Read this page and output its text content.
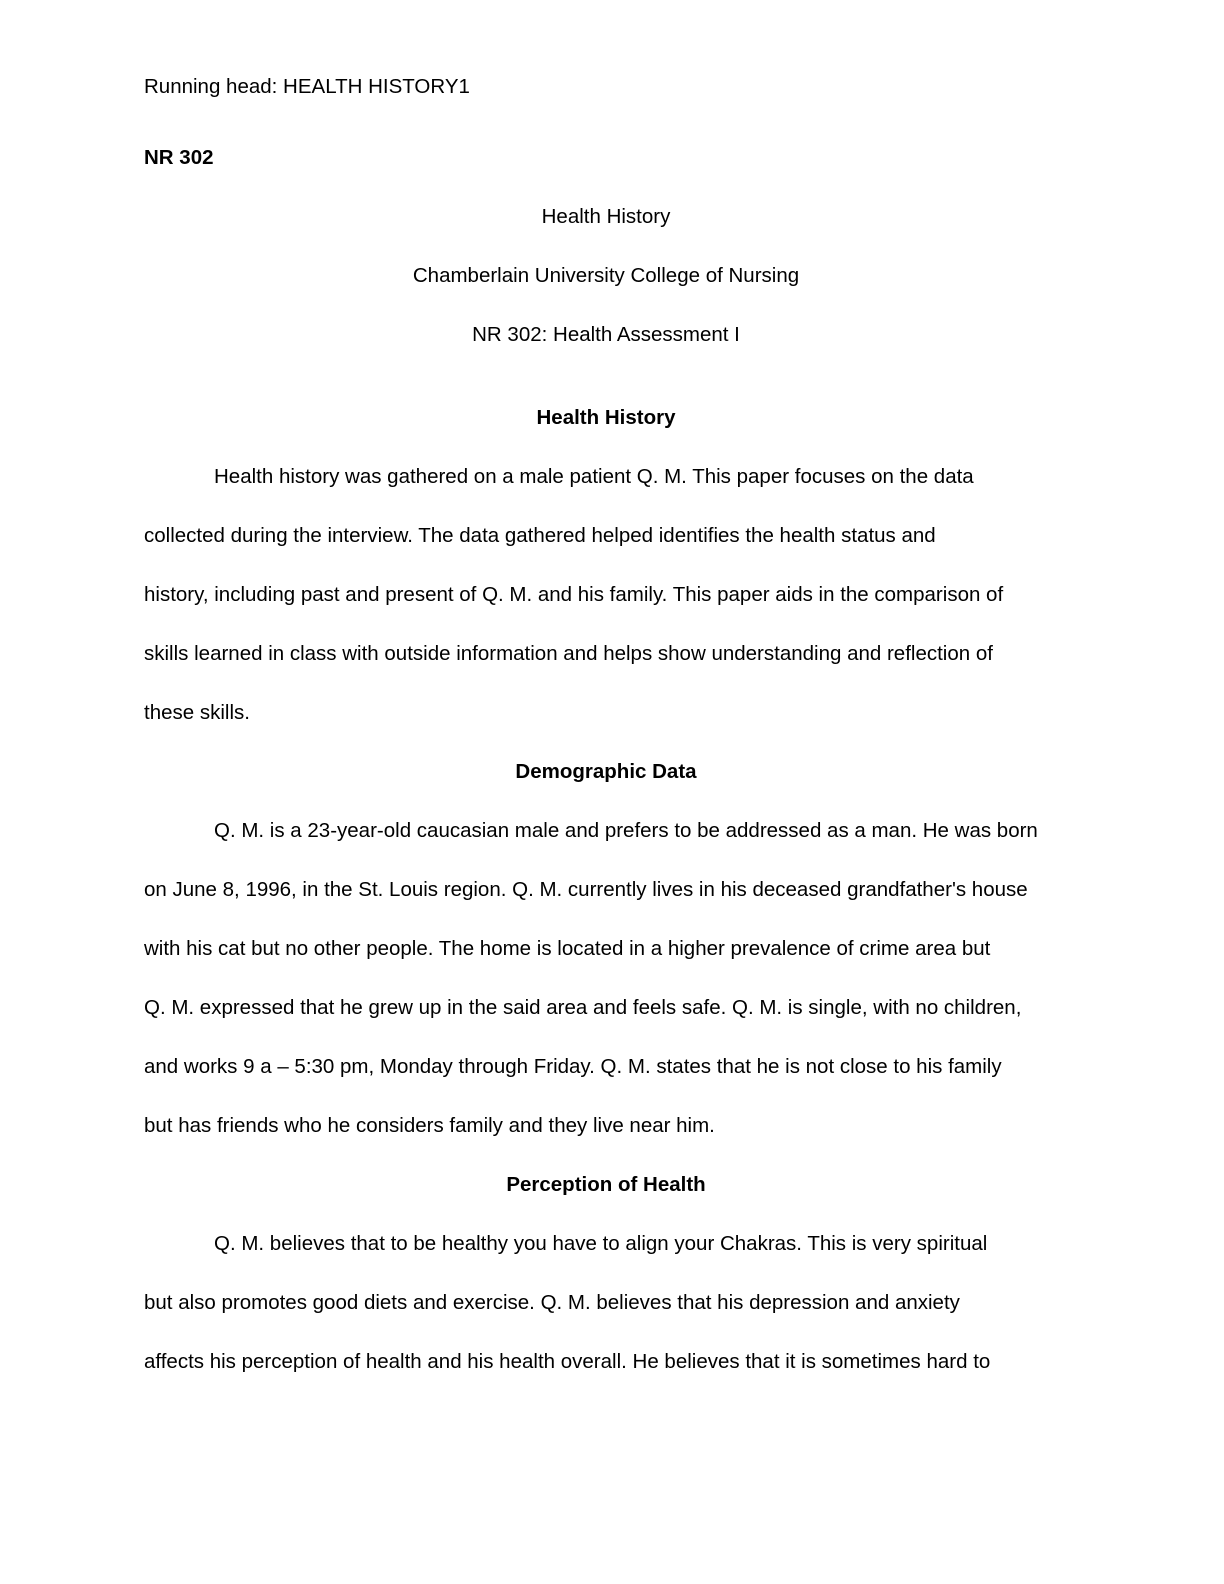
Running head: HEALTH HISTORY1

NR 302

Health History

Chamberlain University College of Nursing

NR 302: Health Assessment I

Health History

Health history was gathered on a male patient Q. M. This paper focuses on the data

collected during the interview. The data gathered helped identifies the health status and

history, including past and present of Q. M. and his family. This paper aids in the comparison of

skills learned in class with outside information and helps show understanding and reflection of

these skills.

Demographic Data

Q. M. is a 23-year-old caucasian male and prefers to be addressed as a man. He was born

on June 8, 1996, in the St. Louis region. Q. M. currently lives in his deceased grandfather's house

with his cat but no other people. The home is located in a higher prevalence of crime area but

Q. M. expressed that he grew up in the said area and feels safe. Q. M. is single, with no children,

and works 9 a – 5:30 pm, Monday through Friday. Q. M. states that he is not close to his family

but has friends who he considers family and they live near him.

Perception of Health

Q. M. believes that to be healthy you have to align your Chakras. This is very spiritual

but also promotes good diets and exercise. Q. M. believes that his depression and anxiety

affects his perception of health and his health overall. He believes that it is sometimes hard to
